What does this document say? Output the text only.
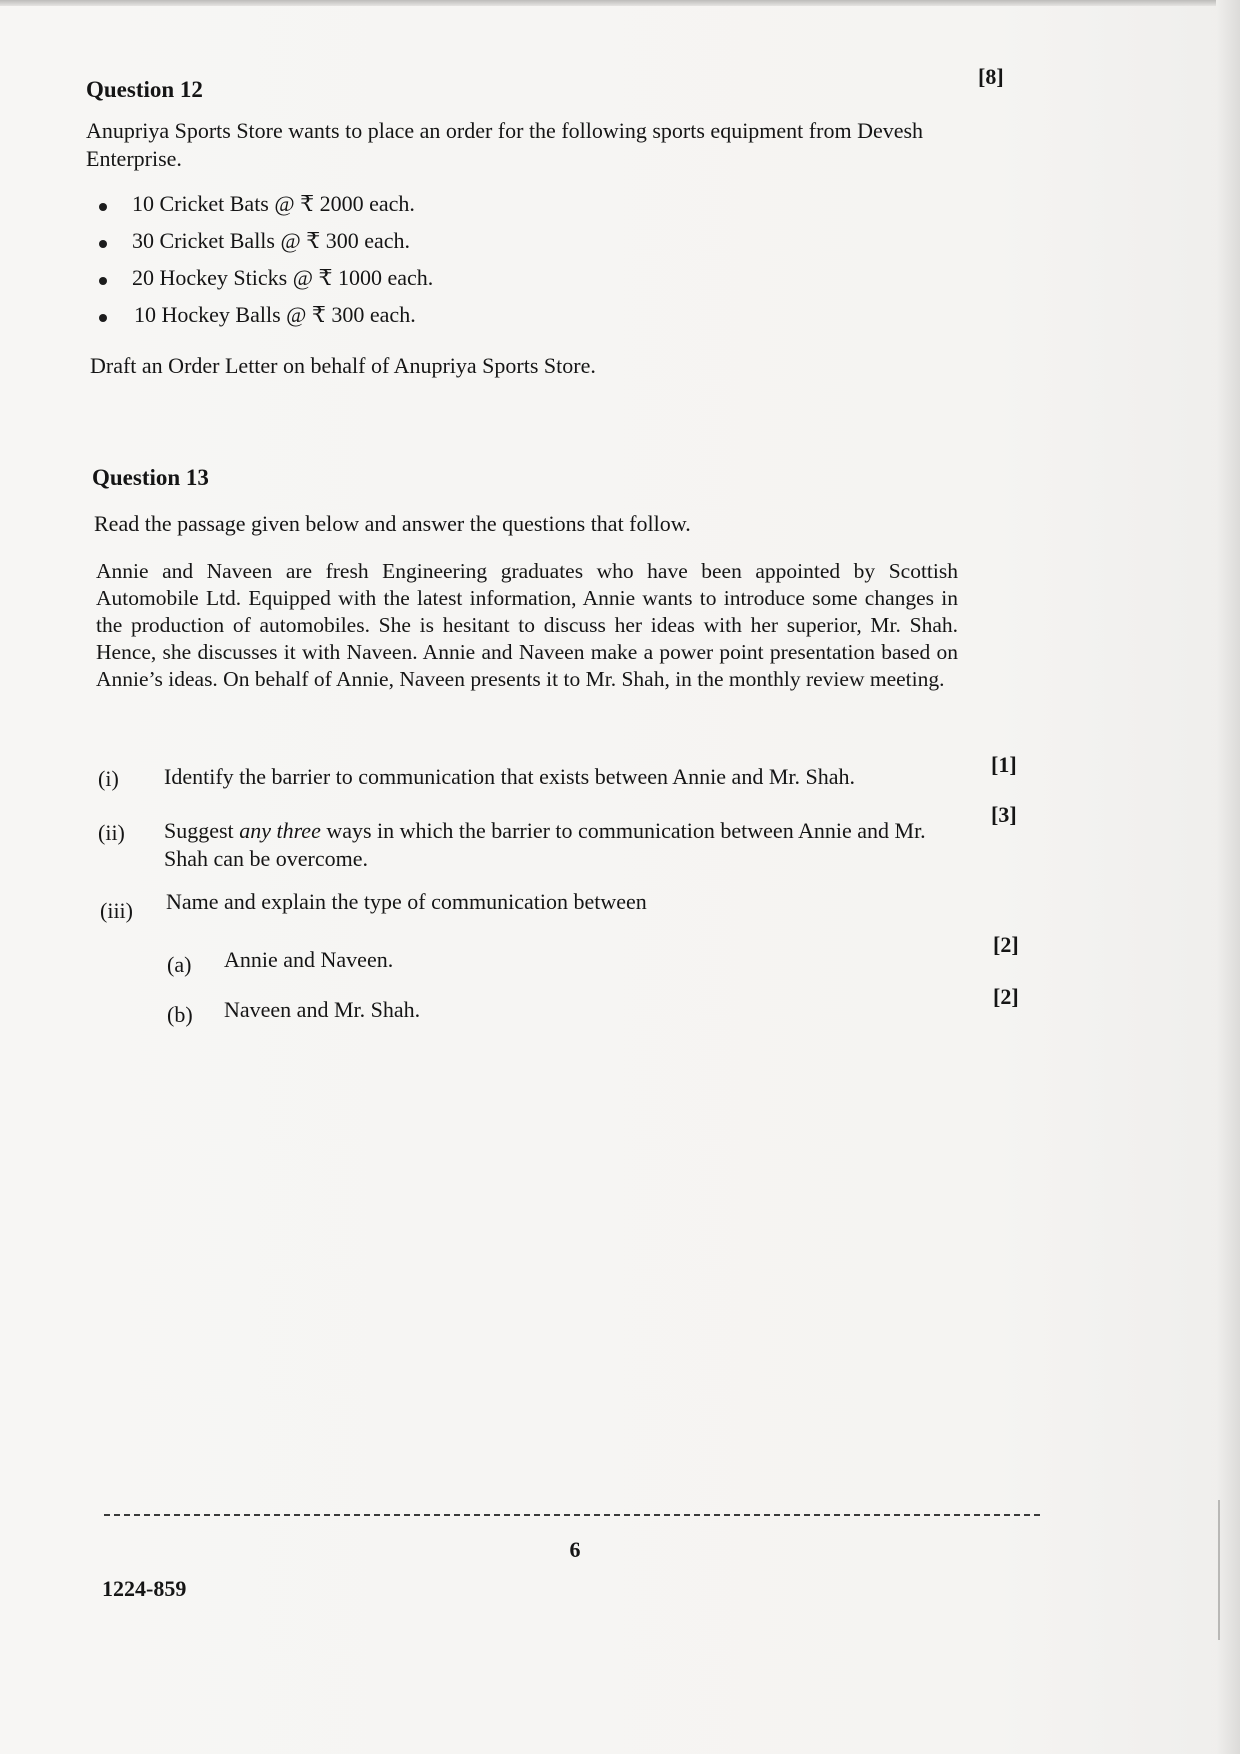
Question 12
[8]
Anupriya Sports Store wants to place an order for the following sports equipment from Devesh Enterprise.
10 Cricket Bats @ ₹ 2000 each.
30 Cricket Balls @ ₹ 300 each.
20 Hockey Sticks @ ₹ 1000 each.
10 Hockey Balls @ ₹ 300 each.
Draft an Order Letter on behalf of Anupriya Sports Store.
Question 13
Read the passage given below and answer the questions that follow.
Annie and Naveen are fresh Engineering graduates who have been appointed by Scottish Automobile Ltd. Equipped with the latest information, Annie wants to introduce some changes in the production of automobiles. She is hesitant to discuss her ideas with her superior, Mr. Shah. Hence, she discusses it with Naveen. Annie and Naveen make a power point presentation based on Annie’s ideas. On behalf of Annie, Naveen presents it to Mr. Shah, in the monthly review meeting.
(i) Identify the barrier to communication that exists between Annie and Mr. Shah.	[1]
(ii) Suggest any three ways in which the barrier to communication between Annie and Mr. Shah can be overcome.
[3]
(iii) Name and explain the type of communication between
(a) Annie and Naveen.
[2]
(b) Naveen and Mr. Shah.
[2]
6
1224-859
